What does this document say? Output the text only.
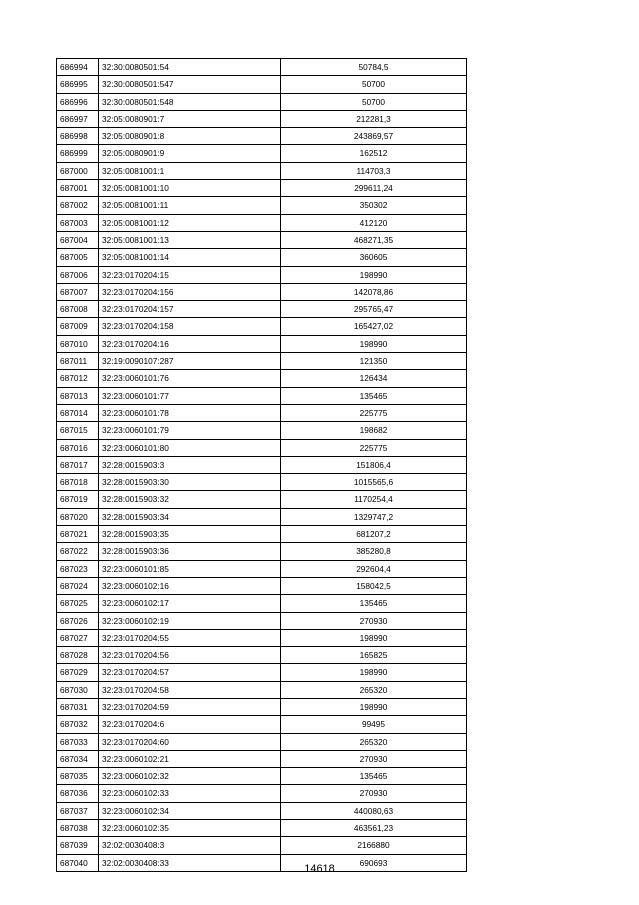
686994	32:30:0080501:54	50784,5
686995	32:30:0080501:547	50700
686996	32:30:0080501:548	50700
686997	32:05:0080901:7	212281,3
686998	32:05:0080901:8	243869,57
686999	32:05:0080901:9	162512
687000	32:05:0081001:1	114703,3
687001	32:05:0081001:10	299611,24
687002	32:05:0081001:11	350302
687003	32:05:0081001:12	412120
687004	32:05:0081001:13	468271,35
687005	32:05:0081001:14	360605
687006	32:23:0170204:15	198990
687007	32:23:0170204:156	142078,86
687008	32:23:0170204:157	295765,47
687009	32:23:0170204:158	165427,02
687010	32:23:0170204:16	198990
687011	32:19:0090107:287	121350
687012	32:23:0060101:76	126434
687013	32:23:0060101:77	135465
687014	32:23:0060101:78	225775
687015	32:23:0060101:79	198682
687016	32:23:0060101:80	225775
687017	32:28:0015903:3	151806,4
687018	32:28:0015903:30	1015565,6
687019	32:28:0015903:32	1170254,4
687020	32:28:0015903:34	1329747,2
687021	32:28:0015903:35	681207,2
687022	32:28:0015903:36	385280,8
687023	32:23:0060101:85	292604,4
687024	32:23:0060102:16	158042,5
687025	32:23:0060102:17	135465
687026	32:23:0060102:19	270930
687027	32:23:0170204:55	198990
687028	32:23:0170204:56	165825
687029	32:23:0170204:57	198990
687030	32:23:0170204:58	265320
687031	32:23:0170204:59	198990
687032	32:23:0170204:6	99495
687033	32:23:0170204:60	265320
687034	32:23:0060102:21	270930
687035	32:23:0060102:32	135465
687036	32:23:0060102:33	270930
687037	32:23:0060102:34	440080,63
687038	32:23:0060102:35	463561,23
687039	32:02:0030408:3	2166880
687040	32:02:0030408:33	690693
14618
